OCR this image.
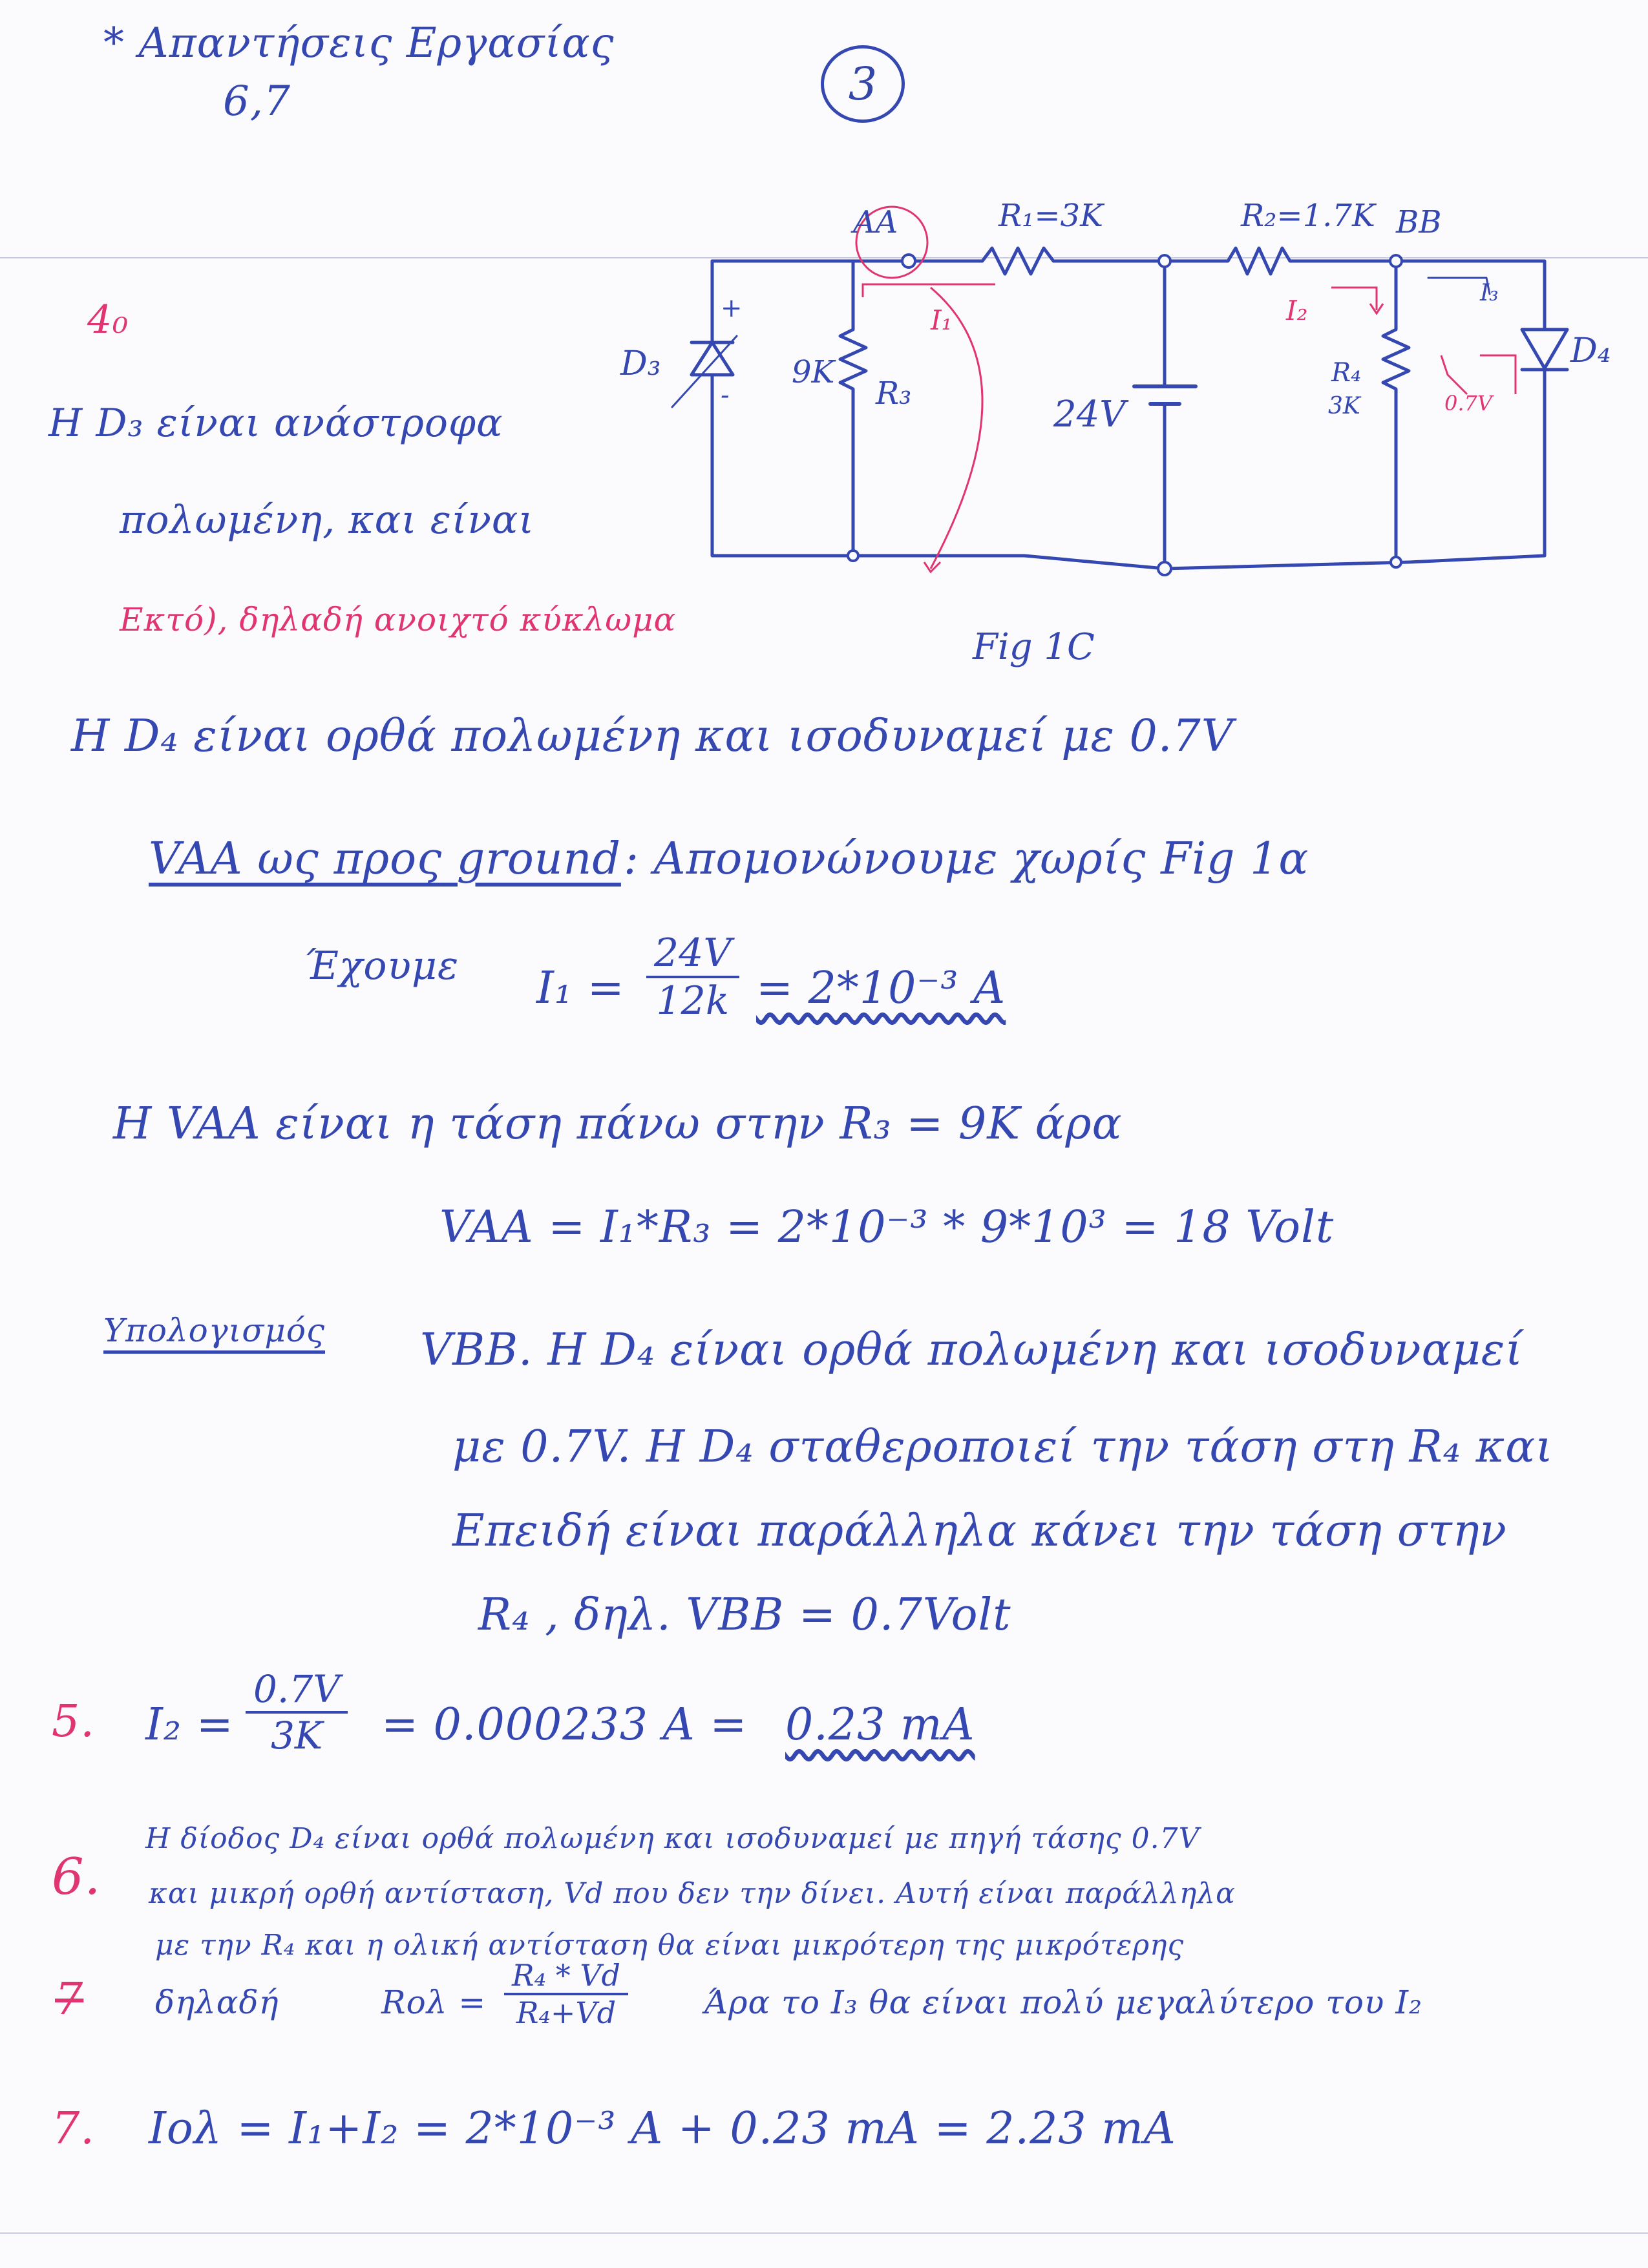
* Απαντήσεις Εργασίας
6,7	3
AA	BB
R₁=3K	R₂=1.7K
9K
R₃	24V
R₄
3K
D₃	D₄
I₃
+
-
Fig 1C
I₁	I₂
0.7V
4₀
Η D₃ είναι ανάστροφα
πολωμένη, και είναι
Εκτό), δηλαδή ανοιχτό κύκλωμα
Η D₄ είναι ορθά πολωμένη και ισοδυναμεί με 0.7V
VAA ως προς ground : Απομονώνουμε χωρίς Fig 1α
Έχουμε $I_1 = \frac{24V}{12k} = 2*10^{-3}$ A
Η VAA είναι η τάση πάνω στην R₃ = 9K άρα
VAA = I₁*R₃ = 2*10⁻³ * 9*10³ = 18 Volt
Υπολογισμός VBB. Η D₄ είναι ορθά πολωμένη και ισοδυναμεί
με 0.7V. Η D₄ σταθεροποιεί την τάση στη R₄ και
Επειδή είναι παράλληλα κάνει την τάση στην
R₄ , δηλ. VBB = 0.7Volt
5. $I_2 = \frac{0.7V}{3K} = 0.000233$ A = 0.23 mA
Η δίοδος D₄ είναι ορθά πολωμένη και ισοδυναμεί με πηγή τάσης 0.7V
6. και μικρή ορθή αντίσταση, Vd που δεν την δίνει. Αυτή είναι παράλληλα
με την R₄ και η ολική αντίσταση θα είναι μικρότερη της μικρότερης
7 δηλαδή	$Ro\lambda = \frac{\text{R₄ * Vd}}{\text{R₄+Vd}}$ Άρα το I₃ θα είναι πολύ μεγαλύτερο του I₂
7. Iολ = I₁+I₂ = 2*10⁻³ A + 0.23 mA = 2.23 mA
